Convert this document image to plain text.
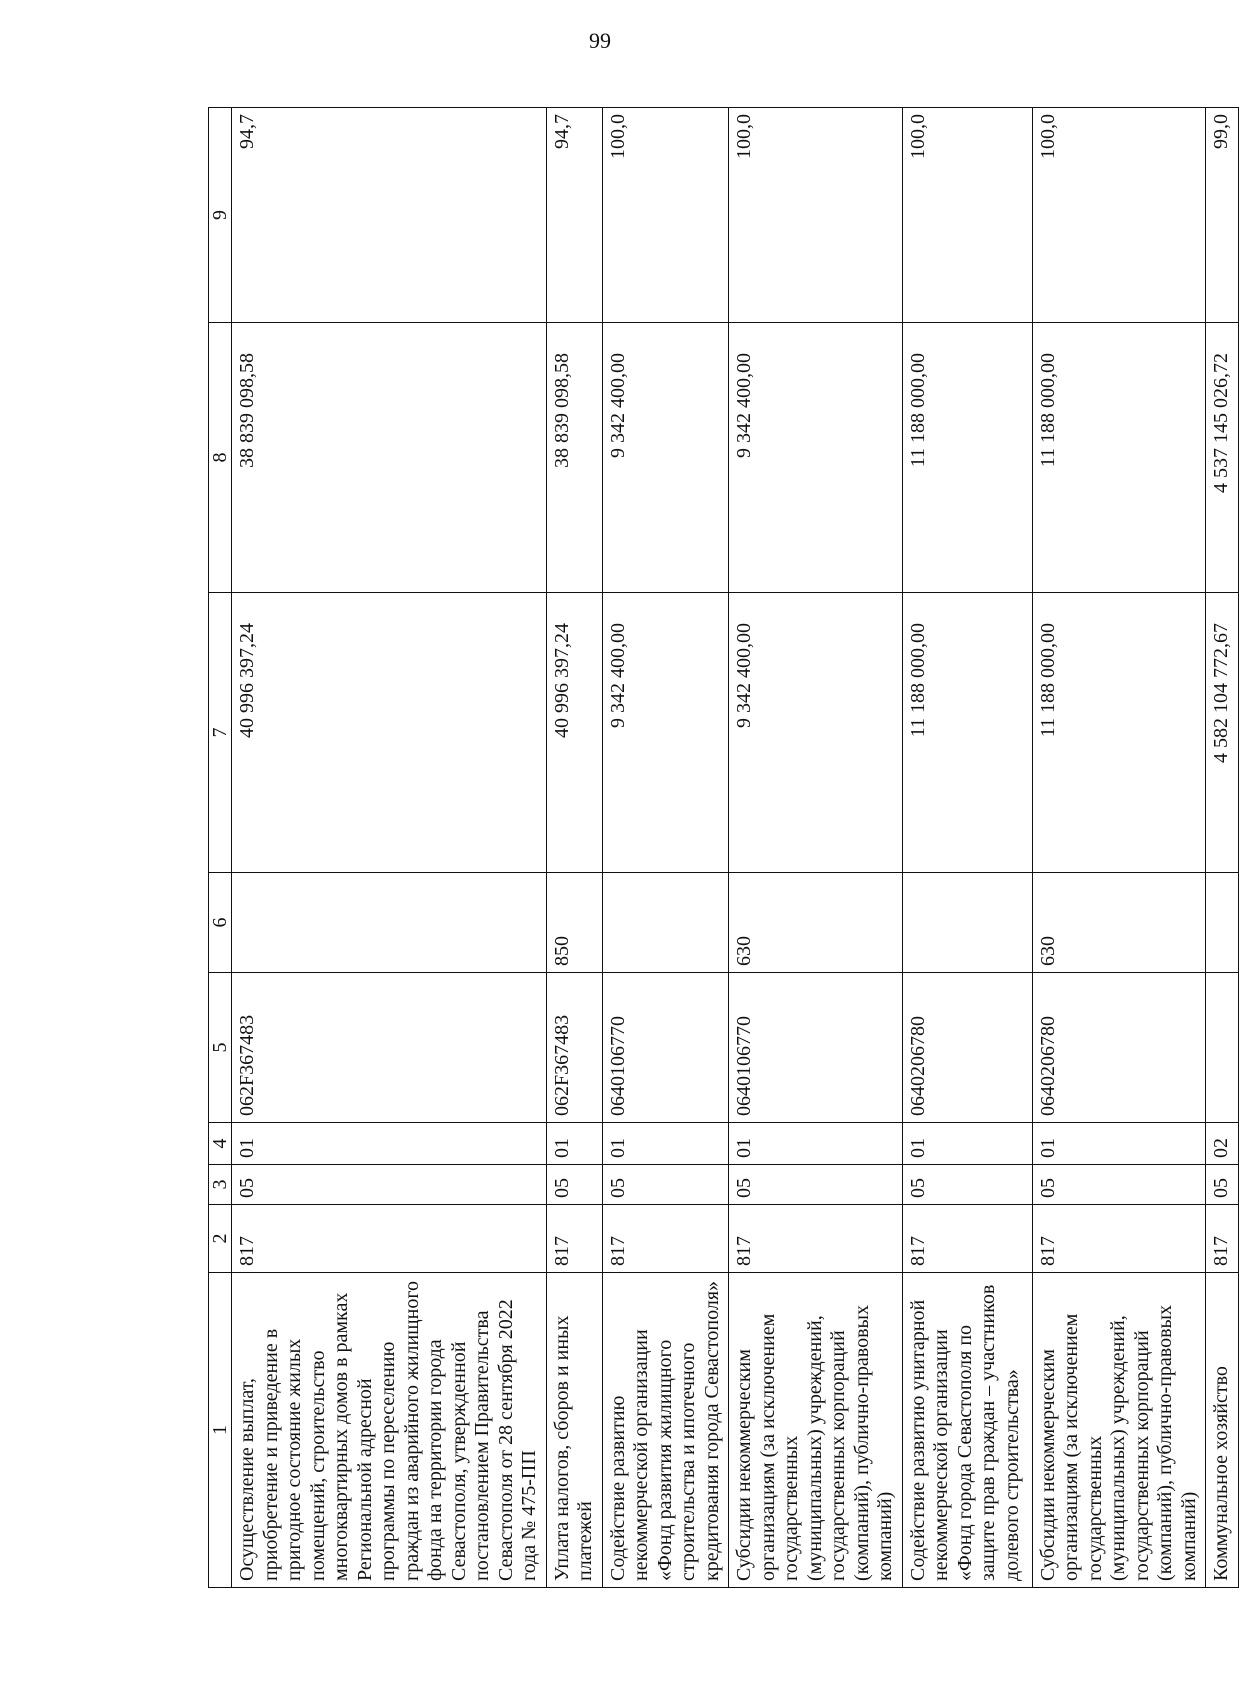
99
1	2	3	4	5	6	7	8	9
Осуществление выплат, приобретение и приведение в пригодное состояние жилых помещений, строительство многоквартирных домов в рамках Региональной адресной программы по переселению граждан из аварийного жилищного фонда на территории города Севастополя, утвержденной постановлением Правительства Севастополя от 28 сентября 2022 года № 475-ПП	817	05	01	062F367483		40 996 397,24	38 839 098,58	94,7
Уплата налогов, сборов и иных платежей	817	05	01	062F367483	850	40 996 397,24	38 839 098,58	94,7
Содействие развитию некоммерческой организации «Фонд развития жилищного строительства и ипотечного кредитования города Севастополя»	817	05	01	0640106770		9 342 400,00	9 342 400,00	100,0
Субсидии некоммерческим организациям (за исключением государственных (муниципальных) учреждений, государственных корпораций (компаний), публично-правовых компаний)	817	05	01	0640106770	630	9 342 400,00	9 342 400,00	100,0
Содействие развитию унитарной некоммерческой организации «Фонд города Севастополя по защите прав граждан – участников долевого строительства»	817	05	01	0640206780		11 188 000,00	11 188 000,00	100,0
Субсидии некоммерческим организациям (за исключением государственных (муниципальных) учреждений, государственных корпораций (компаний), публично-правовых компаний)	817	05	01	0640206780	630	11 188 000,00	11 188 000,00	100,0
Коммунальное хозяйство	817	05	02			4 582 104 772,67	4 537 145 026,72	99,0
